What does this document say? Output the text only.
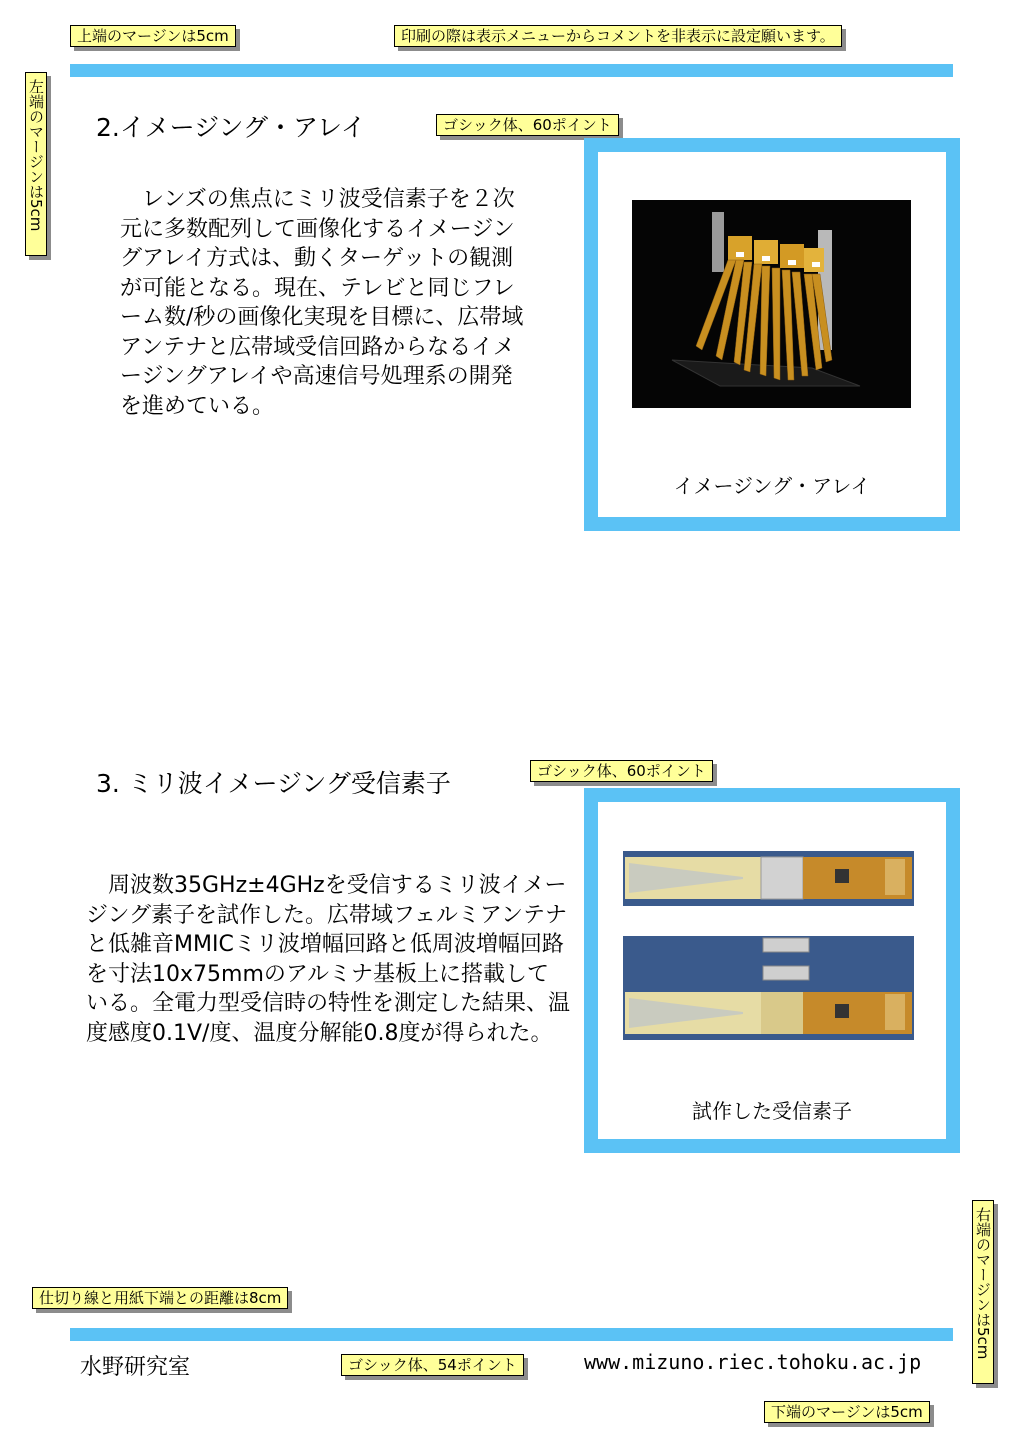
上端のマージンは5cm	印刷の際は表示メニューからコメントを非表示に設定願います。
左端のマージンは5cm	ゴシック体、60ポイント
ゴシック体、60ポイント
仕切り線と用紙下端との距離は8cm
ゴシック体、54ポイント
右端のマージンは5cm
下端のマージンは5cm
2.イメージング・アレイ

　レンズの焦点にミリ波受信素子を２次元に多数配列して画像化するイメージングアレイ方式は、動くターゲットの観測が可能となる。現在、テレビと同じフレーム数/秒の画像化実現を目標に、広帯域アンテナと広帯域受信回路からなるイメージングアレイや高速信号処理系の開発を進めている。

イメージング・アレイ
3. ミリ波イメージング受信素子

　周波数35GHz±4GHzを受信するミリ波イメージング素子を試作した。広帯域フェルミアンテナと低雑音MMICミリ波増幅回路と低周波増幅回路を寸法10x75mmのアルミナ基板上に搭載している。全電力型受信時の特性を測定した結果、温度感度0.1V/度、温度分解能0.8度が得られた。

試作した受信素子
水野研究室	www.mizuno.riec.tohoku.ac.jp
